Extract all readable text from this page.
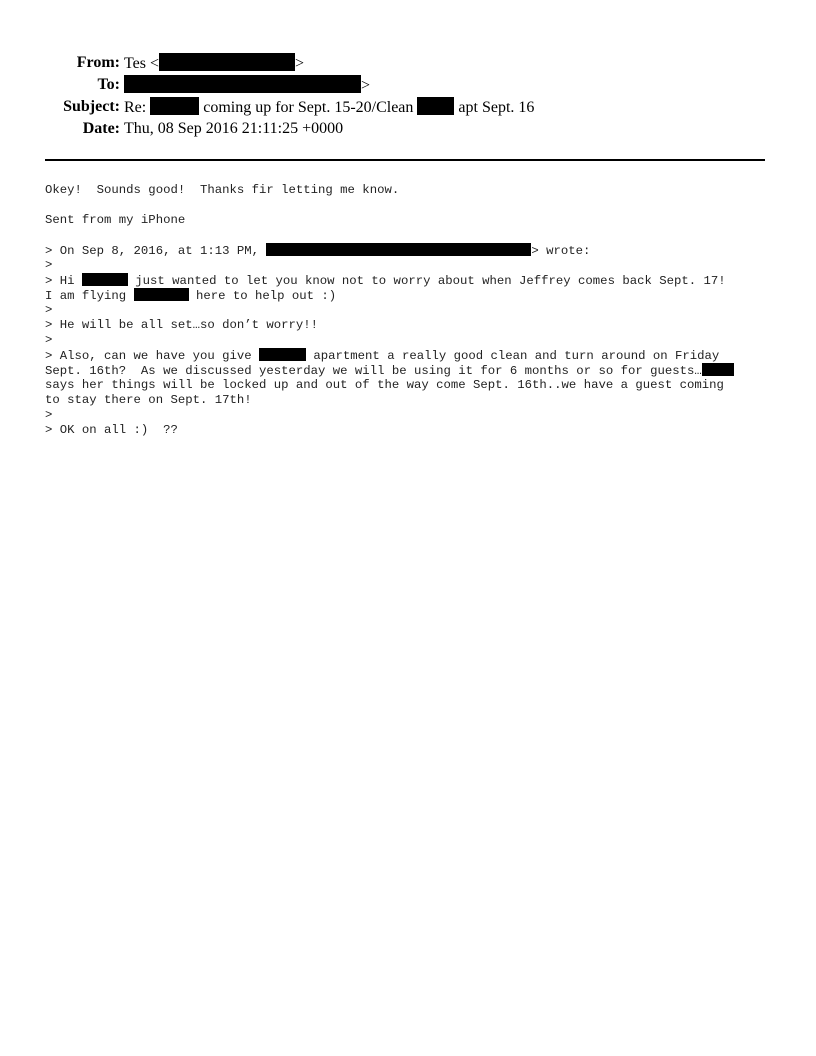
From: Tes <	>
To:	>
Subject: Re:	coming up for Sept. 15-20/Clean	apt Sept. 16
Date: Thu, 08 Sep 2016 21:11:25 +0000
Okey!  Sounds good!  Thanks fir letting me know.
Sent from my iPhone
> On Sep 8, 2016, at 1:13 PM,	> wrote:
>
> Hi	just wanted to let you know not to worry about when Jeffrey comes back Sept. 17!
I am flying	here to help out :)
>
> He will be all set…so don’t worry!!
>
> Also, can we have you give	apartment a really good clean and turn around on Friday
Sept. 16th?  As we discussed yesterday we will be using it for 6 months or so for guests…
says her things will be locked up and out of the way come Sept. 16th..we have a guest coming
to stay there on Sept. 17th!
>
> OK on all :)  ??
